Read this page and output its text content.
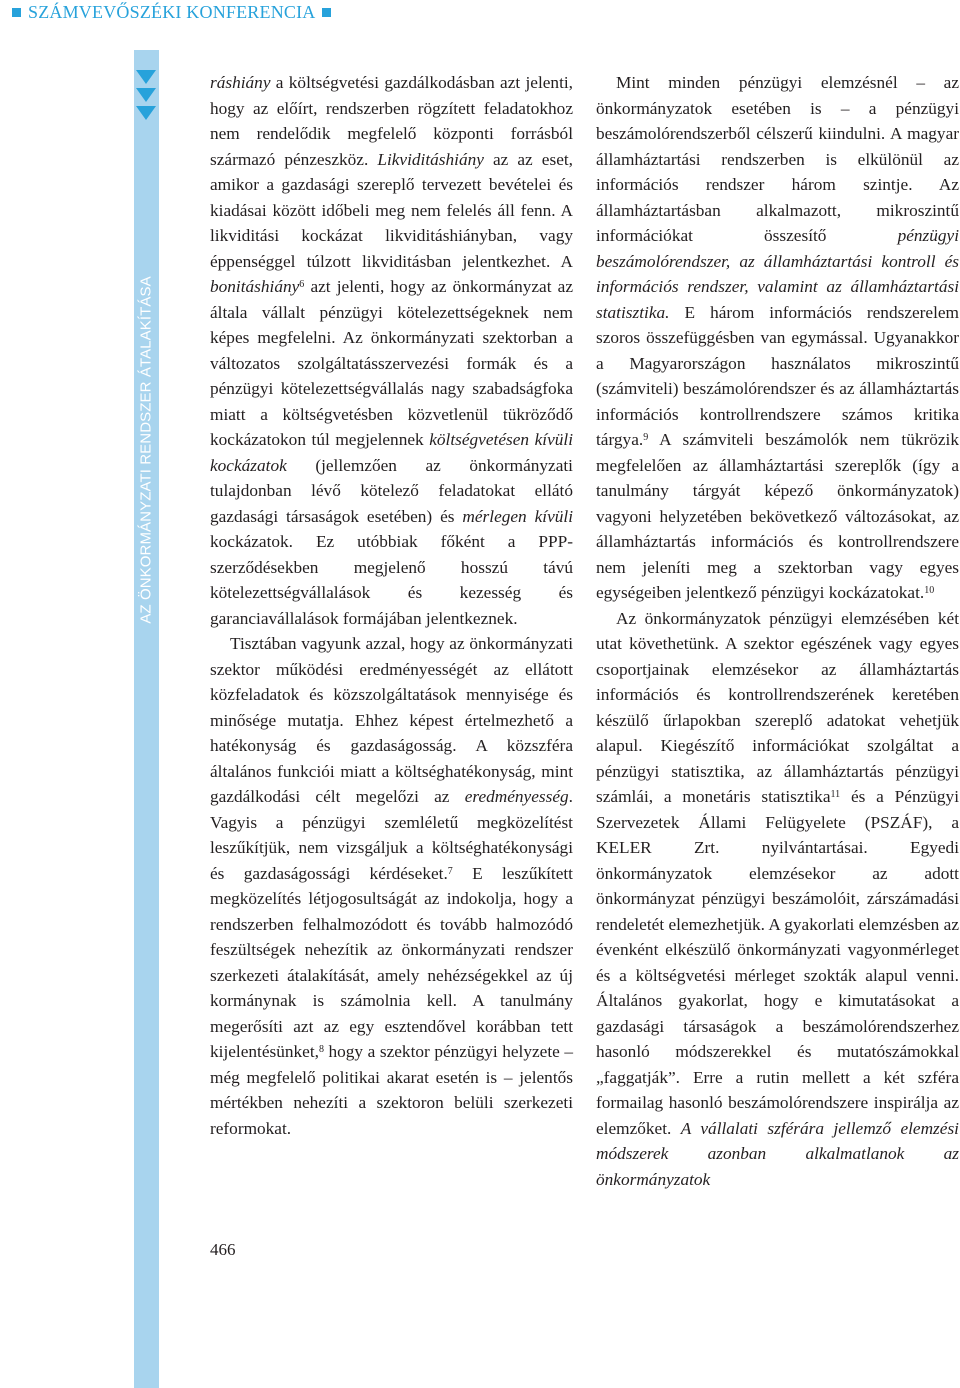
SZÁMVEVŐSZÉKI KONFERENCIA
AZ ÖNKORMÁNYZATI RENDSZER ÁTALAKÍTÁSA

ráshiány a költségvetési gazdálkodásban azt jelenti, hogy az előírt, rendszerben rögzített feladatokhoz nem rendelődik megfelelő központi forrásból származó pénzeszköz. Likviditáshiány az az eset, amikor a gazdasági szereplő tervezett bevételei és kiadásai között időbeli meg nem felelés áll fenn. A likviditási kockázat likviditáshiányban, vagy éppenséggel túlzott likviditásban jelentkezhet. A bonitáshiány$^6$ azt jelenti, hogy az önkormányzat az általa vállalt pénzügyi kötelezettségeknek nem képes megfelelni. Az önkormányzati szektorban a változatos szolgáltatásszervezési formák és a pénzügyi kötelezettségvállalás nagy szabadságfoka miatt a költségvetésben közvetlenül tükröződő kockázatokon túl megjelennek költségvetésen kívüli kockázatok (jellemzően az önkormányzati tulajdonban lévő kötelező feladatokat ellátó gazdasági társaságok esetében) és mérlegen kívüli kockázatok. Ez utóbbiak főként a PPP-szerződésekben megjelenő hosszú távú kötelezettségvállalások és kezesség és garanciavállalások formájában jelentkeznek.

Tisztában vagyunk azzal, hogy az önkormányzati szektor működési eredményességét az ellátott közfeladatok és közszolgáltatások mennyisége és minősége mutatja. Ehhez képest értelmezhető a hatékonyság és gazdaságosság. A közszféra általános funkciói miatt a költséghatékonyság, mint gazdálkodási célt megelőzi az eredményesség. Vagyis a pénzügyi szemléletű megközelítést leszűkítjük, nem vizsgáljuk a költséghatékonysági és gazdaságossági kérdéseket.$^7$ E leszűkített megközelítés létjogosultságát az indokolja, hogy a rendszerben felhalmozódott és tovább halmozódó feszültségek nehezítik az önkormányzati rendszer szerkezeti átalakítását, amely nehézségekkel az új kormánynak is számolnia kell. A tanulmány megerősíti azt az egy esztendővel korábban tett kijelentésünket,$^8$ hogy a szektor pénzügyi helyzete – még megfelelő politikai akarat esetén is – jelentős mértékben nehezíti a szektoron belüli szerkezeti reformokat.

Mint minden pénzügyi elemzésnél – az önkormányzatok esetében is – a pénzügyi beszámolórendszerből célszerű kiindulni. A magyar államháztartási rendszerben is elkülönül az információs rendszer három szintje. Az államháztartásban alkalmazott, mikroszintű információkat összesítő pénzügyi beszámolórendszer, az államháztartási kontroll és információs rendszer, valamint az államháztartási statisztika. E három információs rendszerelem szoros összefüggésben van egymással. Ugyanakkor a Magyarországon használatos mikroszintű (számviteli) beszámolórendszer és az államháztartás információs kontrollrendszere számos kritika tárgya.$^9$ A számviteli beszámolók nem tükrözik megfelelően az államháztartási szereplők (így a tanulmány tárgyát képező önkormányzatok) vagyoni helyzetében bekövetkező változásokat, az államháztartás információs és kontrollrendszere nem jeleníti meg a szektorban vagy egyes egységeiben jelentkező pénzügyi kockázatokat.$^{10}$

Az önkormányzatok pénzügyi elemzésében két utat követhetünk. A szektor egészének vagy egyes csoportjainak elemzésekor az államháztartás információs és kontrollrendszerének keretében készülő űrlapokban szereplő adatokat vehetjük alapul. Kiegészítő információkat szolgáltat a pénzügyi statisztika, az államháztartás pénzügyi számlái, a monetáris statisztika$^{11}$ és a Pénzügyi Szervezetek Állami Felügyelete (PSZÁF), a KELER Zrt. nyilvántartásai. Egyedi önkormányzatok elemzésekor az adott önkormányzat pénzügyi beszámolóit, zárszámadási rendeletét elemezhetjük. A gyakorlati elemzésben az évenként elkészülő önkormányzati vagyonmérleget és a költségvetési mérleget szokták alapul venni. Általános gyakorlat, hogy e kimutatásokat a gazdasági társaságok a beszámolórendszerhez hasonló módszerekkel és mutatószámokkal „faggatják”. Erre a rutin mellett a két szféra formailag hasonló beszámolórendszere inspirálja az elemzőket. A vállalati szférára jellemző elemzési módszerek azonban alkalmatlanok az önkormányzatok

466
